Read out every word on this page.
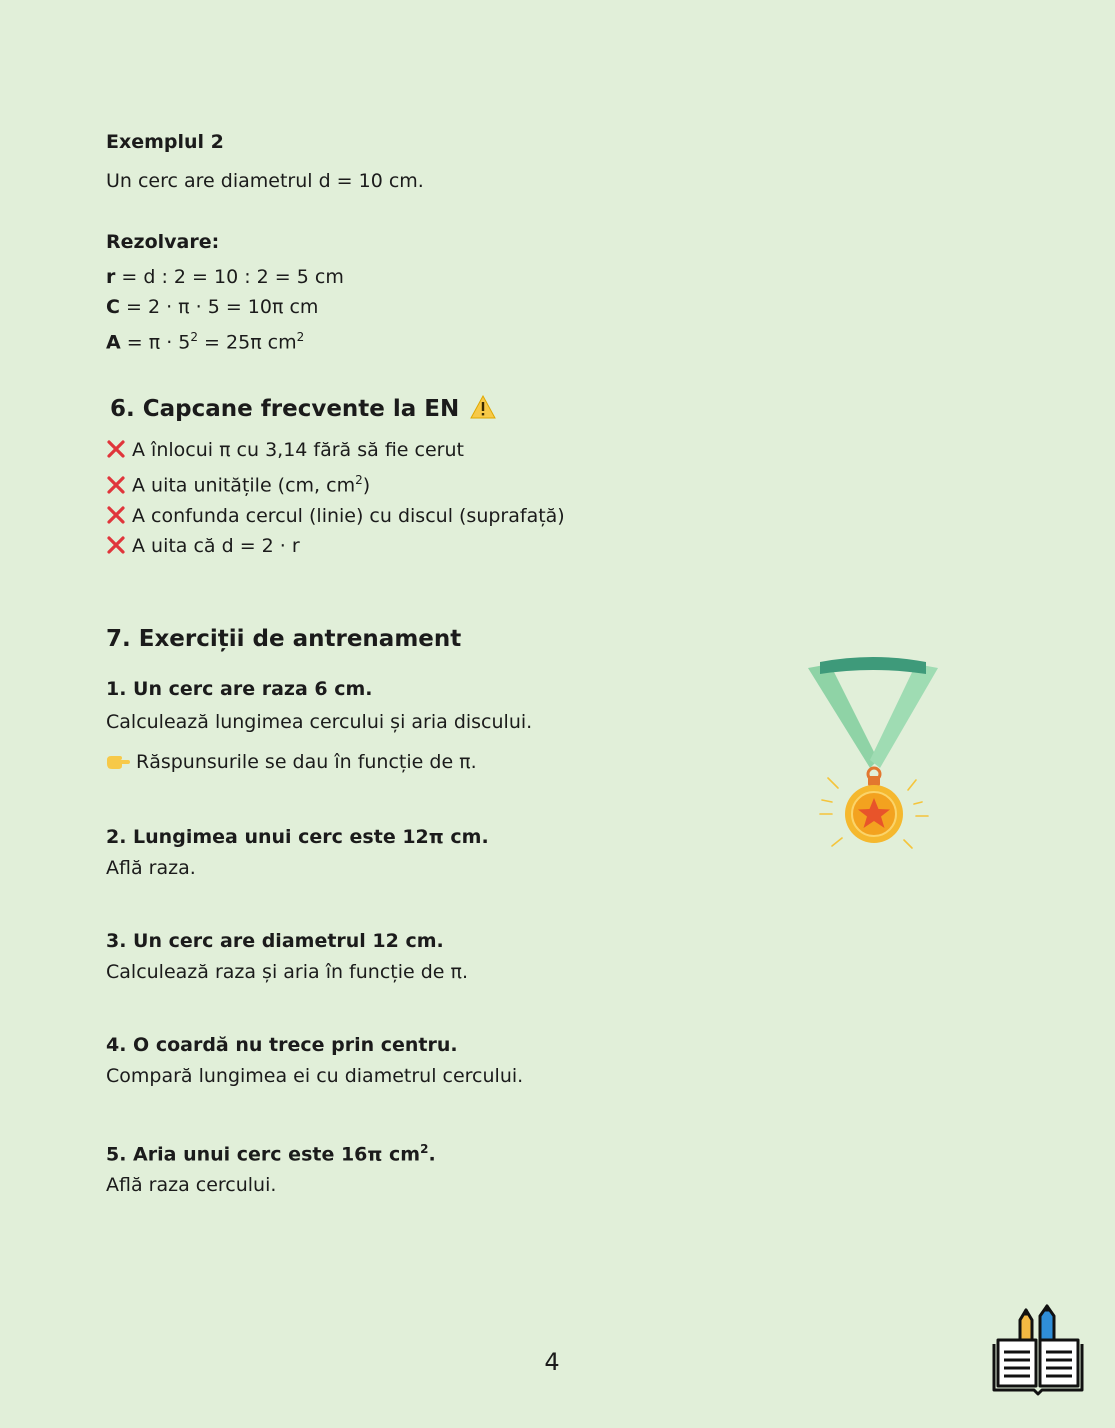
Exemplul 2

Un cerc are diametrul d = 10 cm.

Rezolvare:

r = d : 2 = 10 : 2 = 5 cm

C = 2 · π · 5 = 10π cm

$A = \pi \cdot 5^2 = 25\pi$ $cm^2$

6. Capcane frecvente la EN

A înlocui π cu 3,14 fără să fie cerut

A uita unitățile (cm, $cm^2$)

A confunda cercul (linie) cu discul (suprafață)

A uita că d = 2 · r

7. Exerciții de antrenament

1. Un cerc are raza 6 cm.

Calculează lungimea cercului și aria discului.

Răspunsurile se dau în funcție de π.

2. Lungimea unui cerc este 12π cm.

Află raza.

3. Un cerc are diametrul 12 cm.

Calculează raza și aria în funcție de π.

4. O coardă nu trece prin centru.

Compară lungimea ei cu diametrul cercului.

5. Aria unui cerc este 16π $cm^2$.

Află raza cercului.

4
